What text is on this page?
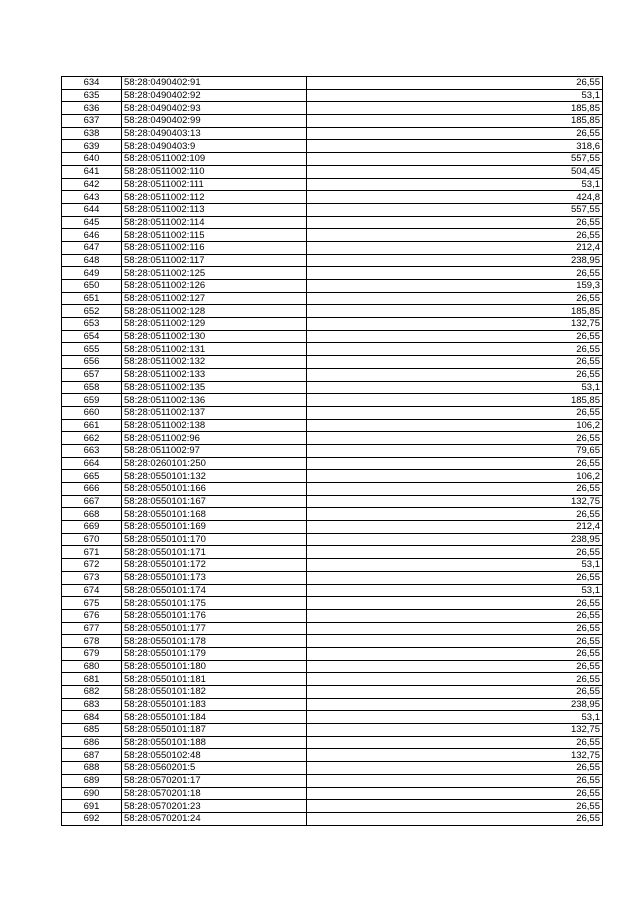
634	58:28:0490402:91	26,55
635	58:28:0490402:92	53,1
636	58:28:0490402:93	185,85
637	58:28:0490402:99	185,85
638	58:28:0490403:13	26,55
639	58:28:0490403:9	318,6
640	58:28:0511002:109	557,55
641	58:28:0511002:110	504,45
642	58:28:0511002:111	53,1
643	58:28:0511002:112	424,8
644	58:28:0511002:113	557,55
645	58:28:0511002:114	26,55
646	58:28:0511002:115	26,55
647	58:28:0511002:116	212,4
648	58:28:0511002:117	238,95
649	58:28:0511002:125	26,55
650	58:28:0511002:126	159,3
651	58:28:0511002:127	26,55
652	58:28:0511002:128	185,85
653	58:28:0511002:129	132,75
654	58:28:0511002:130	26,55
655	58:28:0511002:131	26,55
656	58:28:0511002:132	26,55
657	58:28:0511002:133	26,55
658	58:28:0511002:135	53,1
659	58:28:0511002:136	185,85
660	58:28:0511002:137	26,55
661	58:28:0511002:138	106,2
662	58:28:0511002:96	26,55
663	58:28:0511002:97	79,65
664	58:28:0260101:250	26,55
665	58:28:0550101:132	106,2
666	58:28:0550101:166	26,55
667	58:28:0550101:167	132,75
668	58:28:0550101:168	26,55
669	58:28:0550101:169	212,4
670	58:28:0550101:170	238,95
671	58:28:0550101:171	26,55
672	58:28:0550101:172	53,1
673	58:28:0550101:173	26,55
674	58:28:0550101:174	53,1
675	58:28:0550101:175	26,55
676	58:28:0550101:176	26,55
677	58:28:0550101:177	26,55
678	58:28:0550101:178	26,55
679	58:28:0550101:179	26,55
680	58:28:0550101:180	26,55
681	58:28:0550101:181	26,55
682	58:28:0550101:182	26,55
683	58:28:0550101:183	238,95
684	58:28:0550101:184	53,1
685	58:28:0550101:187	132,75
686	58:28:0550101:188	26,55
687	58:28:0550102:48	132,75
688	58:28:0560201:5	26,55
689	58:28:0570201:17	26,55
690	58:28:0570201:18	26,55
691	58:28:0570201:23	26,55
692	58:28:0570201:24	26,55
